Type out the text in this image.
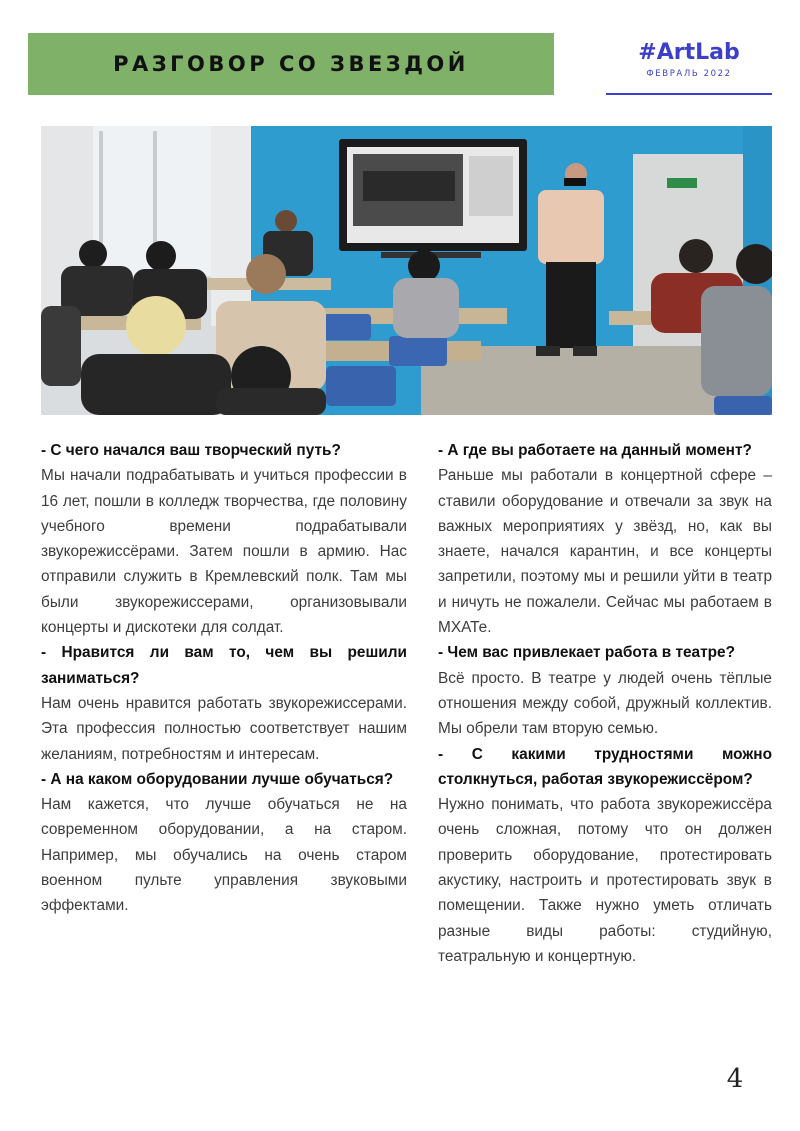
РАЗГОВОР СО ЗВЕЗДОЙ	#ArtLab
ФЕВРАЛЬ 2022

- С чего начался ваш творческий путь?

Мы начали подрабатывать и учиться профессии в 16 лет, пошли в колледж творчества, где половину учебного времени подрабатывали звукорежиссёрами. Затем пошли в армию. Нас отправили служить в Кремлевский полк. Там мы были звукорежиссерами, организовывали концерты и дискотеки для солдат.

- Нравится ли вам то, чем вы решили заниматься?

Нам очень нравится работать звукорежиссерами. Эта профессия полностью соответствует нашим желаниям, потребностям и интересам.

- А на каком оборудовании лучше обучаться?

Нам кажется, что лучше обучаться не на современном оборудовании, а на старом. Например, мы обучались на очень старом военном пульте управления звуковыми эффектами.

- А где вы работаете на данный момент?

Раньше мы работали в концертной сфере – ставили оборудование и отвечали за звук на важных мероприятиях у звёзд, но, как вы знаете, начался карантин, и все концерты запретили, поэтому мы и решили уйти в театр и ничуть не пожалели. Сейчас мы работаем в МХАТе.

- Чем вас привлекает работа в театре?

Всё просто. В театре у людей очень тёплые отношения между собой, дружный коллектив. Мы обрели там вторую семью.

- С какими трудностями можно столкнуться, работая звукорежиссёром?

Нужно понимать, что работа звукорежиссёра очень сложная, потому что он должен проверить оборудование, протестировать акустику, настроить и протестировать звук в помещении. Также нужно уметь отличать разные виды работы: студийную, театральную и концертную.

4
